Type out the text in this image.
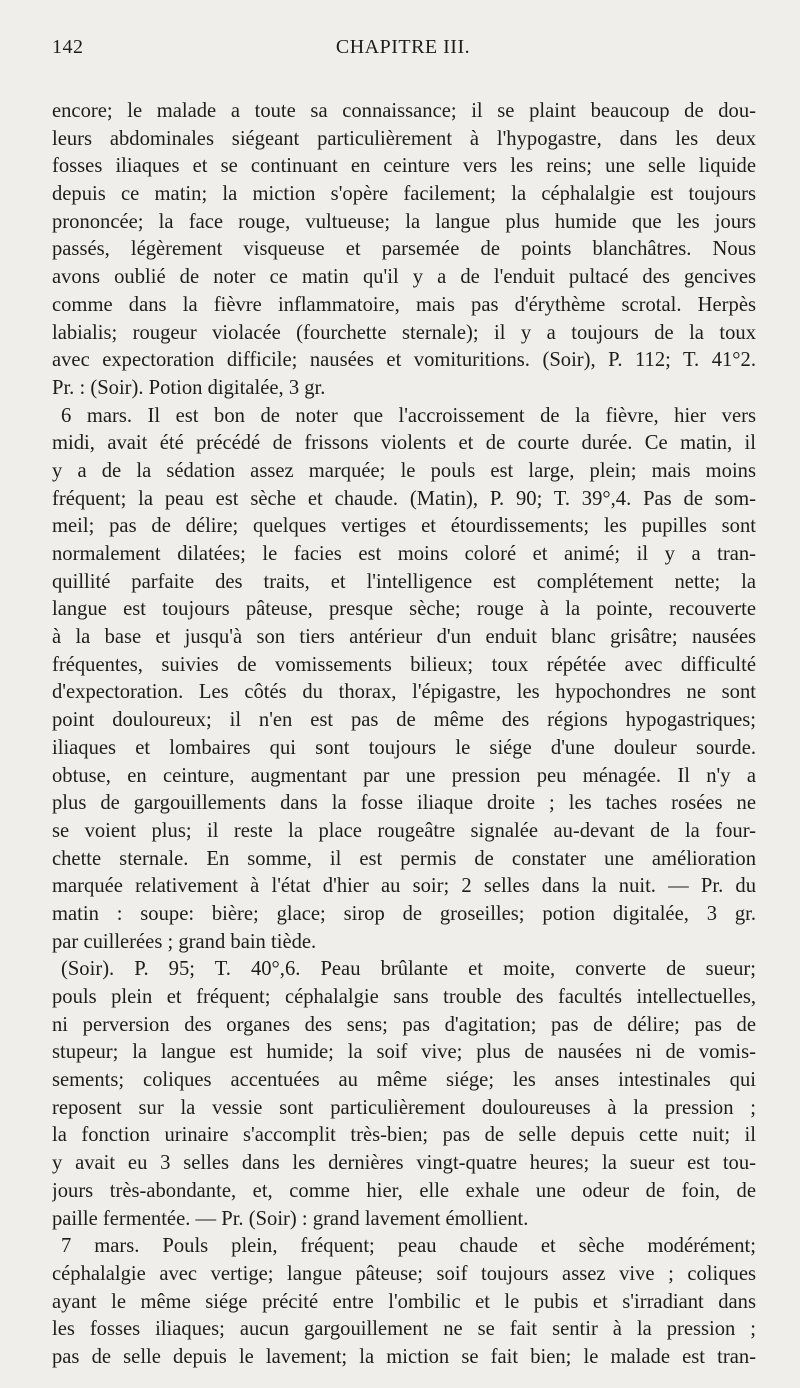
142	CHAPITRE III.
encore; le malade a toute sa connaissance; il se plaint beaucoup de dou-
leurs abdominales siégeant particulièrement à l'hypogastre, dans les deux
fosses iliaques et se continuant en ceinture vers les reins; une selle liquide
depuis ce matin; la miction s'opère facilement; la céphalalgie est toujours
prononcée; la face rouge, vultueuse; la langue plus humide que les jours
passés, légèrement visqueuse et parsemée de points blanchâtres. Nous
avons oublié de noter ce matin qu'il y a de l'enduit pultacé des gencives
comme dans la fièvre inflammatoire, mais pas d'érythème scrotal. Herpès
labialis; rougeur violacée (fourchette sternale); il y a toujours de la toux
avec expectoration difficile; nausées et vomituritions. (Soir), P. 112; T. 41°2.
Pr. : (Soir). Potion digitalée, 3 gr.
6 mars. Il est bon de noter que l'accroissement de la fièvre, hier vers
midi, avait été précédé de frissons violents et de courte durée. Ce matin, il
y a de la sédation assez marquée; le pouls est large, plein; mais moins
fréquent; la peau est sèche et chaude. (Matin), P. 90; T. 39°,4. Pas de som-
meil; pas de délire; quelques vertiges et étourdissements; les pupilles sont
normalement dilatées; le facies est moins coloré et animé; il y a tran-
quillité parfaite des traits, et l'intelligence est complétement nette; la
langue est toujours pâteuse, presque sèche; rouge à la pointe, recouverte
à la base et jusqu'à son tiers antérieur d'un enduit blanc grisâtre; nausées
fréquentes, suivies de vomissements bilieux; toux répétée avec difficulté
d'expectoration. Les côtés du thorax, l'épigastre, les hypochondres ne sont
point douloureux; il n'en est pas de même des régions hypogastriques;
iliaques et lombaires qui sont toujours le siége d'une douleur sourde.
obtuse, en ceinture, augmentant par une pression peu ménagée. Il n'y a
plus de gargouillements dans la fosse iliaque droite ; les taches rosées ne
se voient plus; il reste la place rougeâtre signalée au-devant de la four-
chette sternale. En somme, il est permis de constater une amélioration
marquée relativement à l'état d'hier au soir; 2 selles dans la nuit. — Pr. du
matin : soupe: bière; glace; sirop de groseilles; potion digitalée, 3 gr.
par cuillerées ; grand bain tiède.
(Soir). P. 95; T. 40°,6. Peau brûlante et moite, converte de sueur;
pouls plein et fréquent; céphalalgie sans trouble des facultés intellectuelles,
ni perversion des organes des sens; pas d'agitation; pas de délire; pas de
stupeur; la langue est humide; la soif vive; plus de nausées ni de vomis-
sements; coliques accentuées au même siége; les anses intestinales qui
reposent sur la vessie sont particulièrement douloureuses à la pression ;
la fonction urinaire s'accomplit très-bien; pas de selle depuis cette nuit; il
y avait eu 3 selles dans les dernières vingt-quatre heures; la sueur est tou-
jours très-abondante, et, comme hier, elle exhale une odeur de foin, de
paille fermentée. — Pr. (Soir) : grand lavement émollient.
7 mars. Pouls plein, fréquent; peau chaude et sèche modérément;
céphalalgie avec vertige; langue pâteuse; soif toujours assez vive ; coliques
ayant le même siége précité entre l'ombilic et le pubis et s'irradiant dans
les fosses iliaques; aucun gargouillement ne se fait sentir à la pression ;
pas de selle depuis le lavement; la miction se fait bien; le malade est tran-
